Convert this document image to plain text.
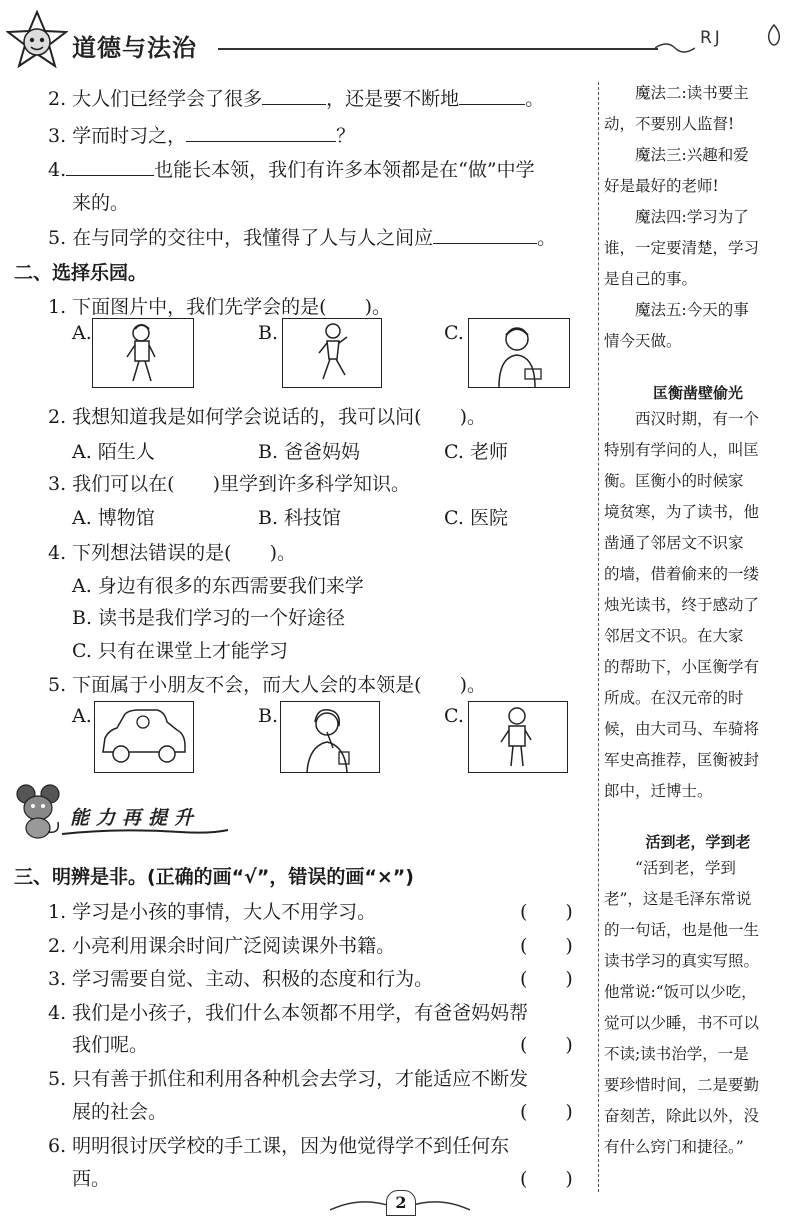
道德与法治	RJ
2. 大人们已经学会了很多	，还是要不断地	。
3. 学而时习之，	？
4.	也能长本领，我们有许多本领都是在“做”中学
来的。
5. 在与同学的交往中，我懂得了人与人之间应	。
二、选择乐园。
1. 下面图片中，我们先学会的是(　　)。
A.	B.	C.
2. 我想知道我是如何学会说话的，我可以问(　　)。
A. 陌生人	B. 爸爸妈妈	C. 老师
3. 我们可以在(　　)里学到许多科学知识。
A. 博物馆	B. 科技馆	C. 医院
4. 下列想法错误的是(　　)。
A. 身边有很多的东西需要我们来学
B. 读书是我们学习的一个好途径
C. 只有在课堂上才能学习
5. 下面属于小朋友不会，而大人会的本领是(　　)。
A.	B.	C.
能力再提升
三、明辨是非。(正确的画“√”，错误的画“×”)
1. 学习是小孩的事情，大人不用学习。	(　　)
2. 小亮利用课余时间广泛阅读课外书籍。	(　　)
3. 学习需要自觉、主动、积极的态度和行为。	(　　)
4. 我们是小孩子，我们什么本领都不用学，有爸爸妈妈帮
我们呢。	(　　)
5. 只有善于抓住和利用各种机会去学习，才能适应不断发
展的社会。	(　　)
6. 明明很讨厌学校的手工课，因为他觉得学不到任何东
西。	(　　)
魔法二:读书要主
动，不要别人监督!
魔法三:兴趣和爱
好是最好的老师!
魔法四:学习为了
谁，一定要清楚，学习
是自己的事。
魔法五:今天的事
情今天做。
匡衡凿壁偷光
西汉时期，有一个
特别有学问的人，叫匡
衡。匡衡小的时候家
境贫寒，为了读书，他
凿通了邻居文不识家
的墙，借着偷来的一缕
烛光读书，终于感动了
邻居文不识。在大家
的帮助下，小匡衡学有
所成。在汉元帝的时
候，由大司马、车骑将
军史高推荐，匡衡被封
郎中，迁博士。
活到老，学到老
“活到老，学到
老”，这是毛泽东常说
的一句话，也是他一生
读书学习的真实写照。
他常说:“饭可以少吃，
觉可以少睡，书不可以
不读;读书治学，一是
要珍惜时间，二是要勤
奋刻苦，除此以外，没
有什么窍门和捷径。”
2
